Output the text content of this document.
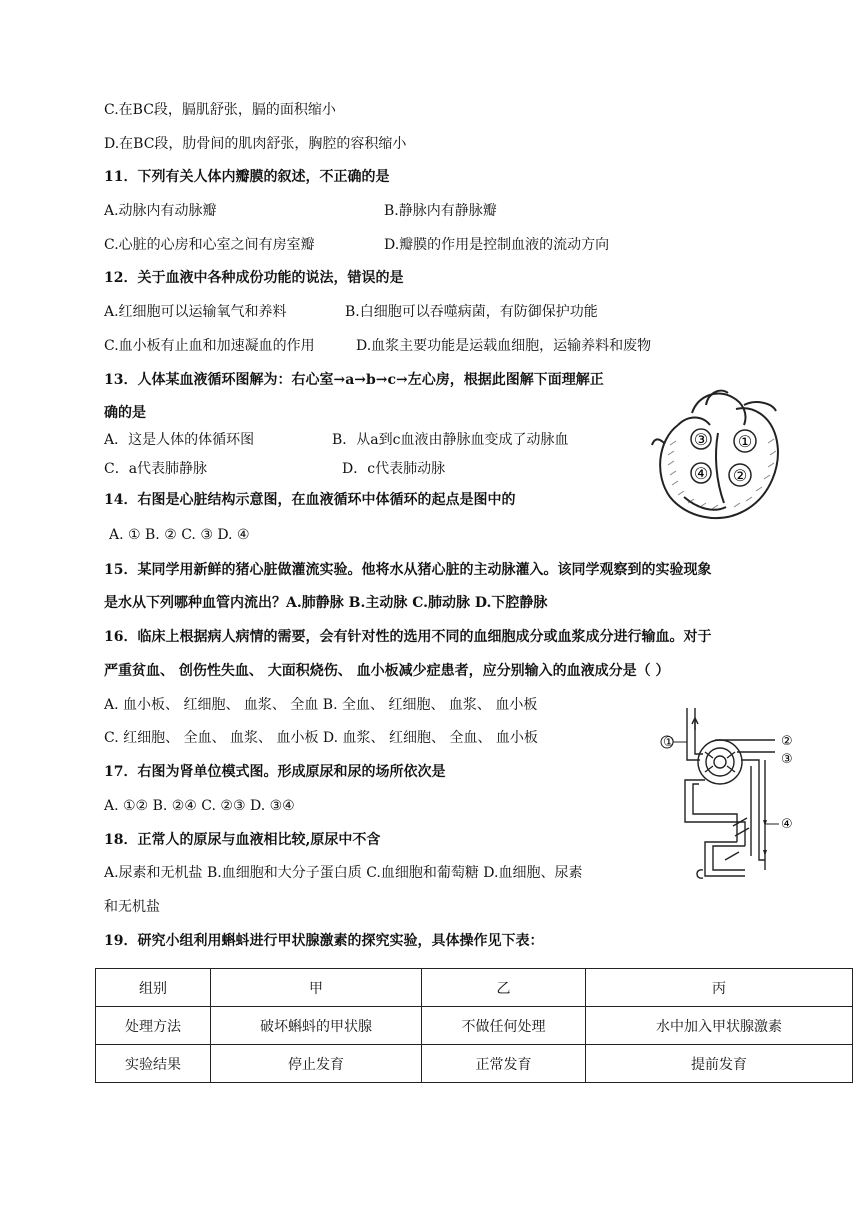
C.在BC段，膈肌舒张，膈的面积缩小
D.在BC段，肋骨间的肌肉舒张，胸腔的容积缩小
11．下列有关人体内瓣膜的叙述，不正确的是
A.动脉内有动脉瓣	B.静脉内有静脉瓣
C.心脏的心房和心室之间有房室瓣	D.瓣膜的作用是控制血液的流动方向
12．关于血液中各种成份功能的说法，错误的是
A.红细胞可以运输氧气和养料	B.白细胞可以吞噬病菌，有防御保护功能
C.血小板有止血和加速凝血的作用	D.血浆主要功能是运载血细胞，运输养料和废物
13．人体某血液循环图解为：右心室→a→b→c→左心房，根据此图解下面理解正
确的是
A．这是人体的体循环图	B．从a到c血液由静脉血变成了动脉血
C．a代表肺静脉	D．c代表肺动脉
14．右图是心脏结构示意图，在血液循环中体循环的起点是图中的
A. ① B. ② C. ③ D. ④
15．某同学用新鲜的猪心脏做灌流实验。他将水从猪心脏的主动脉灌入。该同学观察到的实验现象
是水从下列哪种血管内流出？A.肺静脉 B.主动脉 C.肺动脉 D.下腔静脉
16．临床上根据病人病情的需要，会有针对性的选用不同的血细胞成分或血浆成分进行输血。对于
严重贫血、 创伤性失血、 大面积烧伤、 血小板减少症患者，应分别输入的血液成分是（ ）
A. 血小板、 红细胞、 血浆、 全血 B. 全血、 红细胞、 血浆、 血小板
C. 红细胞、 全血、 血浆、 血小板 D. 血浆、 红细胞、 全血、 血小板
17．右图为肾单位模式图。形成原尿和尿的场所依次是
A. ①② B. ②④ C. ②③ D. ③④
18．正常人的原尿与血液相比较,原尿中不含
A.尿素和无机盐 B.血细胞和大分子蛋白质 C.血细胞和葡萄糖 D.血细胞、尿素
和无机盐
19．研究小组利用蝌蚪进行甲状腺激素的探究实验，具体操作见下表：
③ ①
④ ②
①	②
③
④
组别	甲	乙	丙
处理方法	破坏蝌蚪的甲状腺	不做任何处理	水中加入甲状腺激素
实验结果	停止发育	正常发育	提前发育
